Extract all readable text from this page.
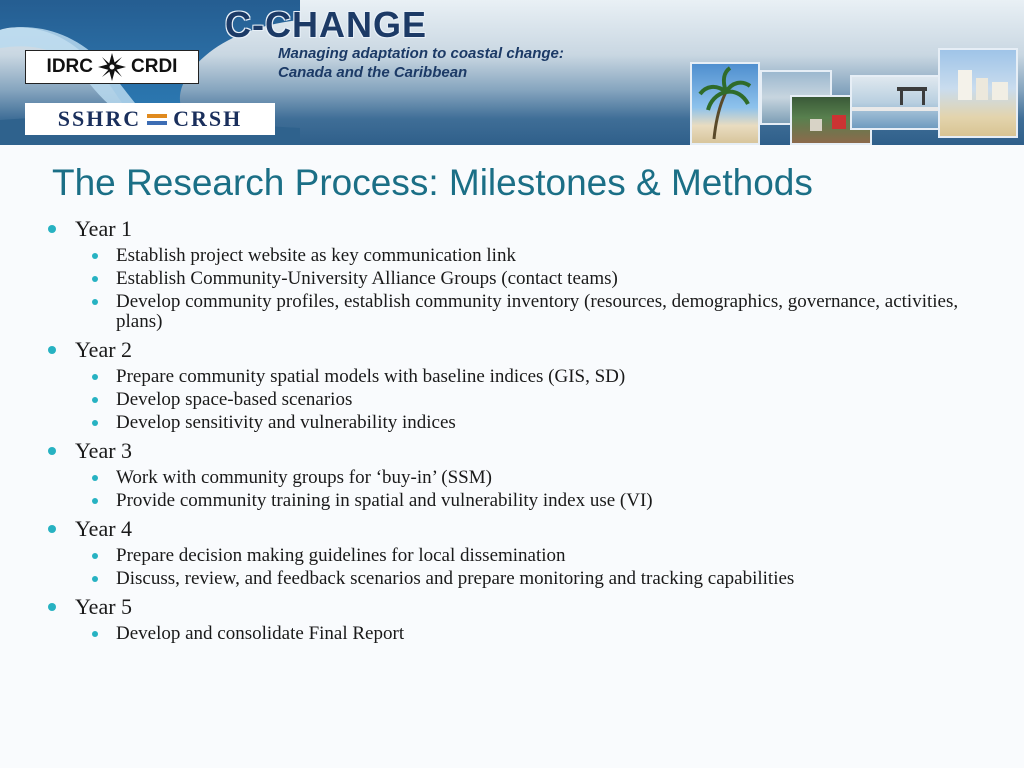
IDRC CRDI
SSHRC CRSH
C-CHANGE
Managing adaptation to coastal change:
Canada and the Caribbean
The Research Process: Milestones & Methods
Year 1
Establish project website as key communication link
Establish Community-University Alliance Groups (contact teams)
Develop community profiles, establish community inventory (resources, demographics, governance, activities, plans)
Year 2
Prepare community spatial models with baseline indices (GIS, SD)
Develop space-based scenarios
Develop sensitivity and vulnerability indices
Year 3
Work with community groups for ‘buy-in’ (SSM)
Provide community training in spatial and vulnerability index use (VI)
Year 4
Prepare decision making guidelines for local dissemination
Discuss, review, and feedback scenarios and prepare monitoring and tracking capabilities
Year 5
Develop and consolidate Final Report
